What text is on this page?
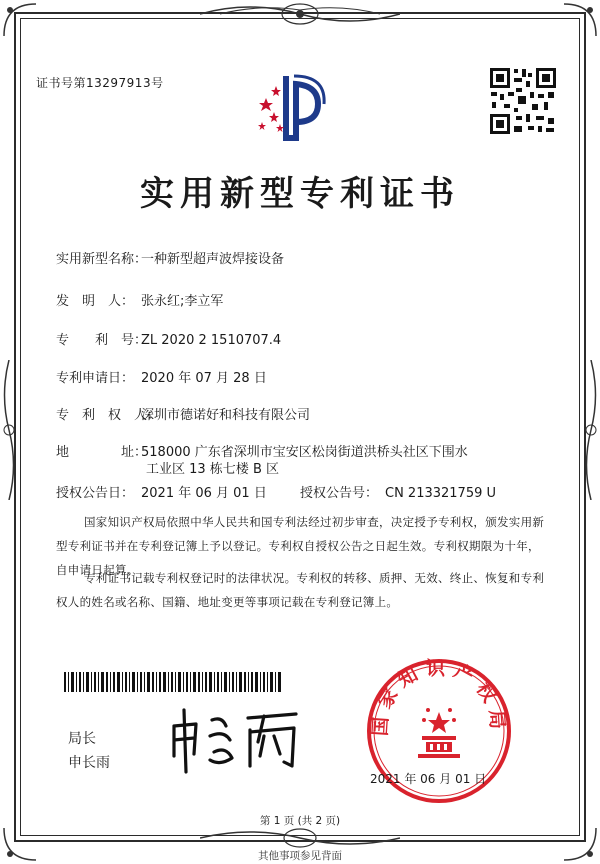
证书号第13297913号
实用新型专利证书
实用新型名称：一种新型超声波焊接设备
发　明　人： 张永红;李立军
专　　利　号：ZL 2020 2 1510707.4
专利申请日： 2020 年 07 月 28 日
专　利　权　人：深圳市德诺好和科技有限公司
地　　　　址：518000 广东省深圳市宝安区松岗街道洪桥头社区下围水
工业区 13 栋七楼 B 区
授权公告日： 2021 年 06 月 01 日	授权公告号： CN 213321759 U
国家知识产权局依照中华人民共和国专利法经过初步审查，决定授予专利权，颁发实用新型专利证书并在专利登记簿上予以登记。专利权自授权公告之日起生效。专利权期限为十年，自申请日起算。
专利证书记载专利权登记时的法律状况。专利权的转移、质押、无效、终止、恢复和专利权人的姓名或名称、国籍、地址变更等事项记载在专利登记簿上。
局长
申长雨
国家知识产权局
2021 年 06 月 01 日
第 1 页 (共 2 页)
其他事项参见背面
